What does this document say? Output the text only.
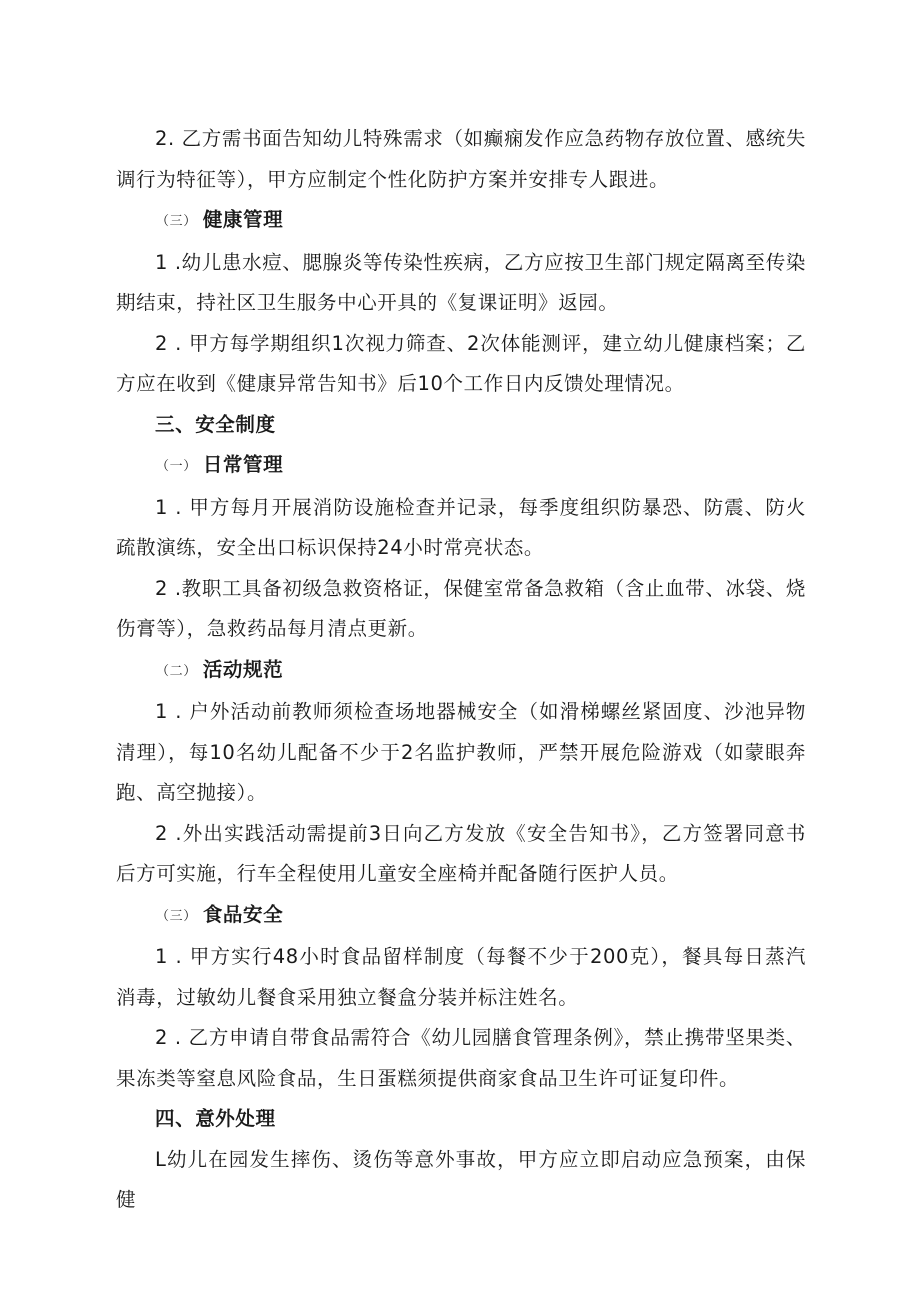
2. 乙方需书面告知幼儿特殊需求（如癫痫发作应急药物存放位置、感统失调行为特征等），甲方应制定个性化防护方案并安排专人跟进。

（三） 健康管理

1 .幼儿患水痘、腮腺炎等传染性疾病，乙方应按卫生部门规定隔离至传染期结束，持社区卫生服务中心开具的《复课证明》返园。

2 . 甲方每学期组织1次视力筛查、2次体能测评，建立幼儿健康档案；乙方应在收到《健康异常告知书》后10个工作日内反馈处理情况。

三、安全制度

（一） 日常管理

1 . 甲方每月开展消防设施检查并记录，每季度组织防暴恐、防震、防火疏散演练，安全出口标识保持24小时常亮状态。

2 .教职工具备初级急救资格证，保健室常备急救箱（含止血带、冰袋、烧伤膏等），急救药品每月清点更新。

（二） 活动规范

1 . 户外活动前教师须检查场地器械安全（如滑梯螺丝紧固度、沙池异物清理），每10名幼儿配备不少于2名监护教师，严禁开展危险游戏（如蒙眼奔跑、高空抛接）。

2 .外出实践活动需提前3日向乙方发放《安全告知书》，乙方签署同意书后方可实施，行车全程使用儿童安全座椅并配备随行医护人员。

（三） 食品安全

1 . 甲方实行48小时食品留样制度（每餐不少于200克），餐具每日蒸汽消毒，过敏幼儿餐食采用独立餐盒分装并标注姓名。

2 . 乙方申请自带食品需符合《幼儿园膳食管理条例》，禁止携带坚果类、果冻类等窒息风险食品，生日蛋糕须提供商家食品卫生许可证复印件。

四、意外处理

L幼儿在园发生摔伤、烫伤等意外事故，甲方应立即启动应急预案，由保健
